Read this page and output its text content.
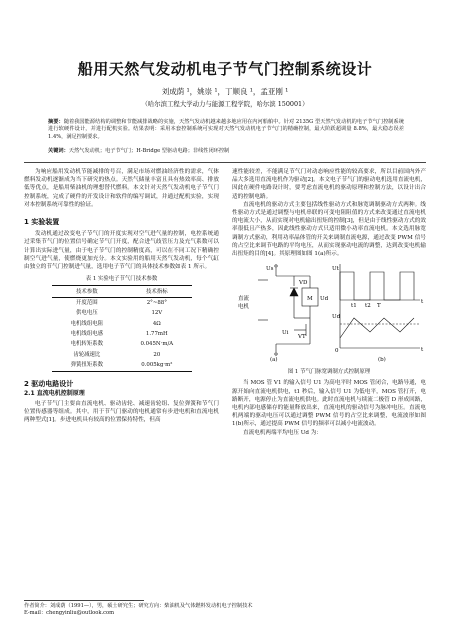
船用天然气发动机电子节气门控制系统设计
刘成荫 ¹，姚崇 ¹，丁顺良 ¹，孟亚刚 ¹
（哈尔滨工程大学动力与能源工程学院，哈尔滨 150001）
摘要：随着我国能源结构的调整和节能减排战略的实施，天然气发动机越来越多地应用在内河船舶中。针对 2135G 型天然气发动机的电子节气门控制系统进行软硬件设计，并进行配机实验。结果表明：采用本套控制系统可实现对天然气发动机电子节气门的精确控制，最大阶跃超调量 8.8%，最大稳态误差 1.4%，满足控制要求。
关键词：天然气发动机；电子节气门；H-Bridge 型驱动电路；非线性闭环控制

为响应船用发动机节能减排的号召，满足市场对燃油经济性的需求，气体燃料发动机逐渐成为当下研究的热点。天然气储量丰富且具有热效率高、排放低等优点，是船用柴油机的理想替代燃料。本文针对天然气发动机电子节气门控制系统，完成了硬件的开发设计和软件的编写调试，并通过配机实验，实现对本控制系统可靠性的验证。

1 实验装置

发动机通过改变电子节气门的开度实现对空气进气量的控制，电控系统通过采集节气门的位置信号确定节气门开度，配合进气歧管压力及充气系数可以计算出实际进气量，由于电子节气门的控制精度高，可以在不同工况下精确控制空气进气量，使燃烧更加充分。本文实验用的船用天然气发动机，每个气缸由独立的节气门控制进气量，选用电子节气门的具体技术参数如表 1 所示。

表 1 实验电子节气门技术参数
技术参数	技术指标
开度范围	2°~88°
供电电压	12V
电机线组电阻	4Ω
电机线组电感	1.77mH
电机转矩系数	0.045N·m/A
齿轮减速比	20
弹簧扭矩系数	0.005kg·m²
2 驱动电路设计
2.1 直流电机控制原理

电子节气门主要由直流电机、驱动齿轮、减速齿轮组、复位弹簧和节气门位置传感器等组成。其中，用于节气门驱动的电机通常有步进电机和直流电机两种型式[1]。步进电机具有较高的位置保持特性，但高

速性能较差，不能满足节气门对动态响应性能的较高要求，所以目前国内外产品大多选用直流电机作为驱动[2]。本文电子节气门的驱动电机选用直流电机，因此在硬件电路设计时，要考虑直流电机的驱动原理和控制方法，以设计出合适的控制电路。

直流电机的驱动方式主要包括线性驱动方式和脉宽调制驱动方式两种。线性驱动方式是通过调整与电机串联的可变电阻阻值的方式来改变通过直流电机的电流大小，从而实现对电机输出扭矩的控制[3]，但是由于线性驱动方式的效率很低且产热多，因此线性驱动方式只适用微小功率直流电机。本文选用脉宽调制方式驱动，利用功率晶体管的开关来调制直流电源，通过改变 PWM 信号的占空比来调节电路的平均电压，从而实现驱动电流的调整，达到改变电机输出扭矩的目的[4]。其原理图如图 1(a)所示。

Us
VD
M Ud
VT
Ui
直流
电机
Ut
Ud
t
t
t1 t2 T
0
(a)	(b)
图 1 节气门脉宽调制方式控制原理

当 MOS 管 V1 的输入信号 U1 为高电平时 MOS 管闭合，电路导通，电源开始向直流电机供电，t1 秒后，输入信号 U1 为低电平，MOS 管打开，电路断开，电源停止为直流电机供电。此时直流电机与续流二极管 D 形成回路，电机内部电感储存的能量释放出来，直流电机的驱动信号为脉冲电压。直流电机两端的驱动电压可以通过调整 PWM 信号的占空比来调整，电流波形如图 1(b)所示，通过提高 PWM 信号的频率可以减小电流波动。

直流电机两端平均电压 Ud 为：

作者简介：刘成荫（1991—），男，硕士研究生；研究方向：柴油机及气体燃料发动机电子控制技术
E-mail：chengyinliu@outlook.com
